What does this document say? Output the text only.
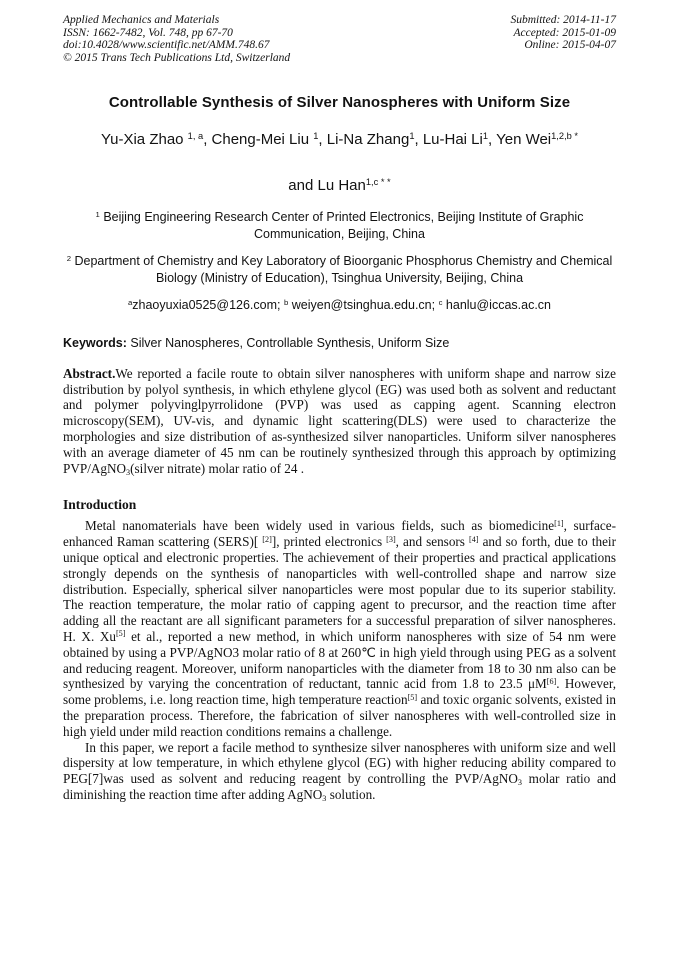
Applied Mechanics and Materials
ISSN: 1662-7482, Vol. 748, pp 67-70
doi:10.4028/www.scientific.net/AMM.748.67
© 2015 Trans Tech Publications Ltd, Switzerland
Submitted: 2014-11-17
Accepted: 2015-01-09
Online: 2015-04-07
Controllable Synthesis of Silver Nanospheres with Uniform Size
Yu-Xia Zhao $^{1, a}$, Cheng-Mei Liu $^1$, Li-Na Zhang$^1$, Lu-Hai Li$^1$, Yen Wei$^{1,2,b *}$
and Lu Han$^{1,c * *}$
$^1$ Beijing Engineering Research Center of Printed Electronics, Beijing Institute of Graphic Communication, Beijing, China
$^2$ Department of Chemistry and Key Laboratory of Bioorganic Phosphorus Chemistry and Chemical Biology (Ministry of Education), Tsinghua University, Beijing, China
$^a$zhaoyuxia0525@126.com; $^b$ weiyen@tsinghua.edu.cn; $^c$ hanlu@iccas.ac.cn
Keywords: Silver Nanospheres, Controllable Synthesis, Uniform Size

Abstract.We reported a facile route to obtain silver nanospheres with uniform shape and narrow size distribution by polyol synthesis, in which ethylene glycol (EG) was used both as solvent and reductant and polymer polyvinglpyrrolidone (PVP) was used as capping agent. Scanning electron microscopy(SEM), UV-vis, and dynamic light scattering(DLS) were used to characterize the morphologies and size distribution of as-synthesized silver nanoparticles. Uniform silver nanospheres with an average diameter of 45 nm can be routinely synthesized through this approach by optimizing PVP/AgNO$_3$(silver nitrate) molar ratio of 24 .

Introduction

Metal nanomaterials have been widely used in various fields, such as biomedicine[1], surface-enhanced Raman scattering (SERS)[ [2]], printed electronics [3], and sensors [4] and so forth, due to their unique optical and electronic properties. The achievement of their properties and practical applications strongly depends on the synthesis of nanoparticles with well-controlled shape and narrow size distribution. Especially, spherical silver nanoparticles were most popular due to its superior stability. The reaction temperature, the molar ratio of capping agent to precursor, and the reaction time after adding all the reactant are all significant parameters for a successful preparation of silver nanospheres. H. X. Xu[5] et al., reported a new method, in which uniform nanospheres with size of 54 nm were obtained by using a PVP/AgNO3 molar ratio of 8 at 260℃ in high yield through using PEG as a solvent and reducing reagent. Moreover, uniform nanoparticles with the diameter from 18 to 30 nm also can be synthesized by varying the concentration of reductant, tannic acid from 1.8 to 23.5 μM[6]. However, some problems, i.e. long reaction time, high temperature reaction[5] and toxic organic solvents, existed in the preparation process. Therefore, the fabrication of silver nanospheres with well-controlled size in high yield under mild reaction conditions remains a challenge.

In this paper, we report a facile method to synthesize silver nanospheres with uniform size and well dispersity at low temperature, in which ethylene glycol (EG) with higher reducing ability compared to PEG[7]was used as solvent and reducing reagent by controlling the PVP/AgNO$_3$ molar ratio and diminishing the reaction time after adding AgNO$_3$ solution.
